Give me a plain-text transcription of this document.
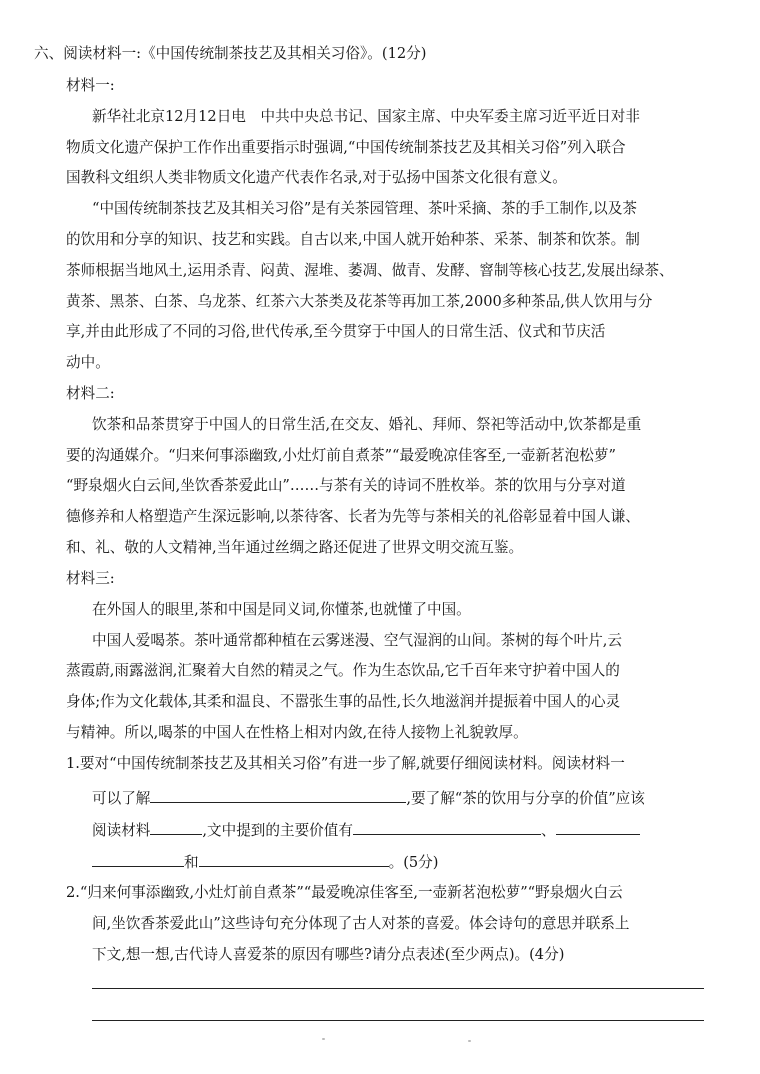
六、阅读材料一:《中国传统制茶技艺及其相关习俗》。(12分)
材料一:
新华社北京12月12日电　中共中央总书记、国家主席、中央军委主席习近平近日对非
物质文化遗产保护工作作出重要指示时强调,“中国传统制茶技艺及其相关习俗”列入联合
国教科文组织人类非物质文化遗产代表作名录,对于弘扬中国茶文化很有意义。
“中国传统制茶技艺及其相关习俗”是有关茶园管理、茶叶采摘、茶的手工制作,以及茶
的饮用和分享的知识、技艺和实践。自古以来,中国人就开始种茶、采茶、制茶和饮茶。制
茶师根据当地风土,运用杀青、闷黄、渥堆、萎凋、做青、发酵、窨制等核心技艺,发展出绿茶、
黄茶、黑茶、白茶、乌龙茶、红茶六大茶类及花茶等再加工茶,2000多种茶品,供人饮用与分
享,并由此形成了不同的习俗,世代传承,至今贯穿于中国人的日常生活、仪式和节庆活
动中。
材料二:
饮茶和品茶贯穿于中国人的日常生活,在交友、婚礼、拜师、祭祀等活动中,饮茶都是重
要的沟通媒介。“归来何事添幽致,小灶灯前自煮茶”“最爱晚凉佳客至,一壶新茗泡松萝”
“野泉烟火白云间,坐饮香茶爱此山”……与茶有关的诗词不胜枚举。茶的饮用与分享对道
德修养和人格塑造产生深远影响,以茶待客、长者为先等与茶相关的礼俗彰显着中国人谦、
和、礼、敬的人文精神,当年通过丝绸之路还促进了世界文明交流互鉴。
材料三:
在外国人的眼里,茶和中国是同义词,你懂茶,也就懂了中国。
中国人爱喝茶。茶叶通常都种植在云雾迷漫、空气湿润的山间。茶树的每个叶片,云
蒸霞蔚,雨露滋润,汇聚着大自然的精灵之气。作为生态饮品,它千百年来守护着中国人的
身体;作为文化载体,其柔和温良、不嚣张生事的品性,长久地滋润并提振着中国人的心灵
与精神。所以,喝茶的中国人在性格上相对内敛,在待人接物上礼貌敦厚。
1.要对“中国传统制茶技艺及其相关习俗”有进一步了解,就要仔细阅读材料。阅读材料一
可以了解	,要了解“茶的饮用与分享的价值”应该
阅读材料	,文中提到的主要价值有	、
和	。(5分)
2.“归来何事添幽致,小灶灯前自煮茶”“最爱晚凉佳客至,一壶新茗泡松萝”“野泉烟火白云
间,坐饮香茶爱此山”这些诗句充分体现了古人对茶的喜爱。体会诗句的意思并联系上
下文,想一想,古代诗人喜爱茶的原因有哪些?请分点表述(至少两点)。(4分)
